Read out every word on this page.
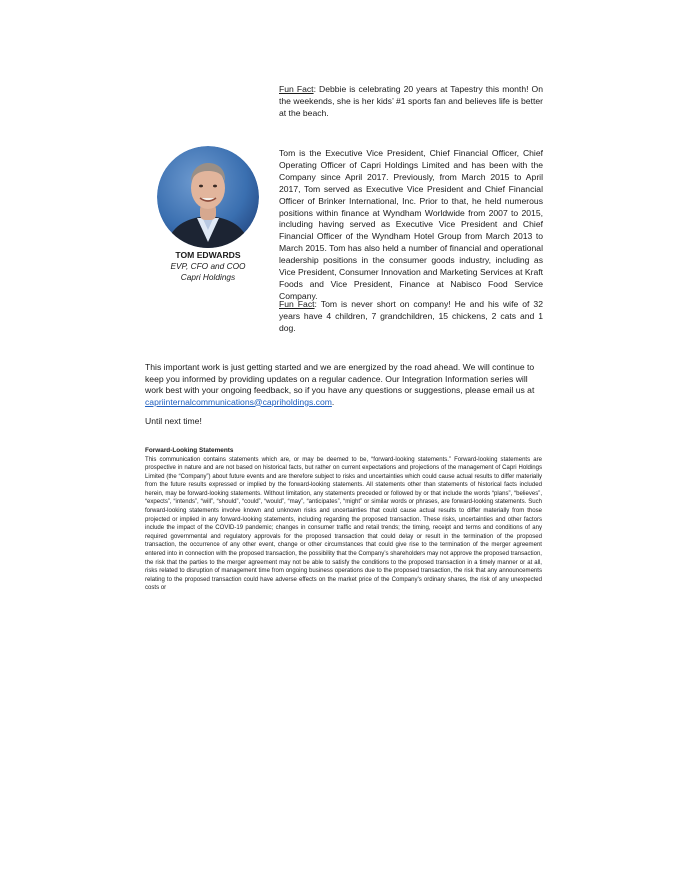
Fun Fact: Debbie is celebrating 20 years at Tapestry this month! On the weekends, she is her kids’ #1 sports fan and believes life is better at the beach.

TOM EDWARDS
EVP, CFO and COO
Capri Holdings

Tom is the Executive Vice President, Chief Financial Officer, Chief Operating Officer of Capri Holdings Limited and has been with the Company since April 2017. Previously, from March 2015 to April 2017, Tom served as Executive Vice President and Chief Financial Officer of Brinker International, Inc. Prior to that, he held numerous positions within finance at Wyndham Worldwide from 2007 to 2015, including having served as Executive Vice President and Chief Financial Officer of the Wyndham Hotel Group from March 2013 to March 2015. Tom has also held a number of financial and operational leadership positions in the consumer goods industry, including as Vice President, Consumer Innovation and Marketing Services at Kraft Foods and Vice President, Finance at Nabisco Food Service Company.

Fun Fact: Tom is never short on company! He and his wife of 32 years have 4 children, 7 grandchildren, 15 chickens, 2 cats and 1 dog.

This important work is just getting started and we are energized by the road ahead. We will continue to keep you informed by providing updates on a regular cadence. Our Integration Information series will work best with your ongoing feedback, so if you have any questions or suggestions, please email us at capriinternalcommunications@capriholdings.com.

Until next time!

Forward-Looking Statements
This communication contains statements which are, or may be deemed to be, “forward-looking statements.” Forward-looking statements are prospective in nature and are not based on historical facts, but rather on current expectations and projections of the management of Capri Holdings Limited (the “Company”) about future events and are therefore subject to risks and uncertainties which could cause actual results to differ materially from the future results expressed or implied by the forward-looking statements. All statements other than statements of historical facts included herein, may be forward-looking statements. Without limitation, any statements preceded or followed by or that include the words “plans”, “believes”, “expects”, “intends”, “will”, “should”, “could”, “would”, “may”, “anticipates”, “might” or similar words or phrases, are forward-looking statements. Such forward-looking statements involve known and unknown risks and uncertainties that could cause actual results to differ materially from those projected or implied in any forward-looking statements, including regarding the proposed transaction. These risks, uncertainties and other factors include the impact of the COVID-19 pandemic; changes in consumer traffic and retail trends; the timing, receipt and terms and conditions of any required governmental and regulatory approvals for the proposed transaction that could delay or result in the termination of the proposed transaction, the occurrence of any other event, change or other circumstances that could give rise to the termination of the merger agreement entered into in connection with the proposed transaction, the possibility that the Company’s shareholders may not approve the proposed transaction, the risk that the parties to the merger agreement may not be able to satisfy the conditions to the proposed transaction in a timely manner or at all, risks related to disruption of management time from ongoing business operations due to the proposed transaction, the risk that any announcements relating to the proposed transaction could have adverse effects on the market price of the Company’s ordinary shares, the risk of any unexpected costs or
